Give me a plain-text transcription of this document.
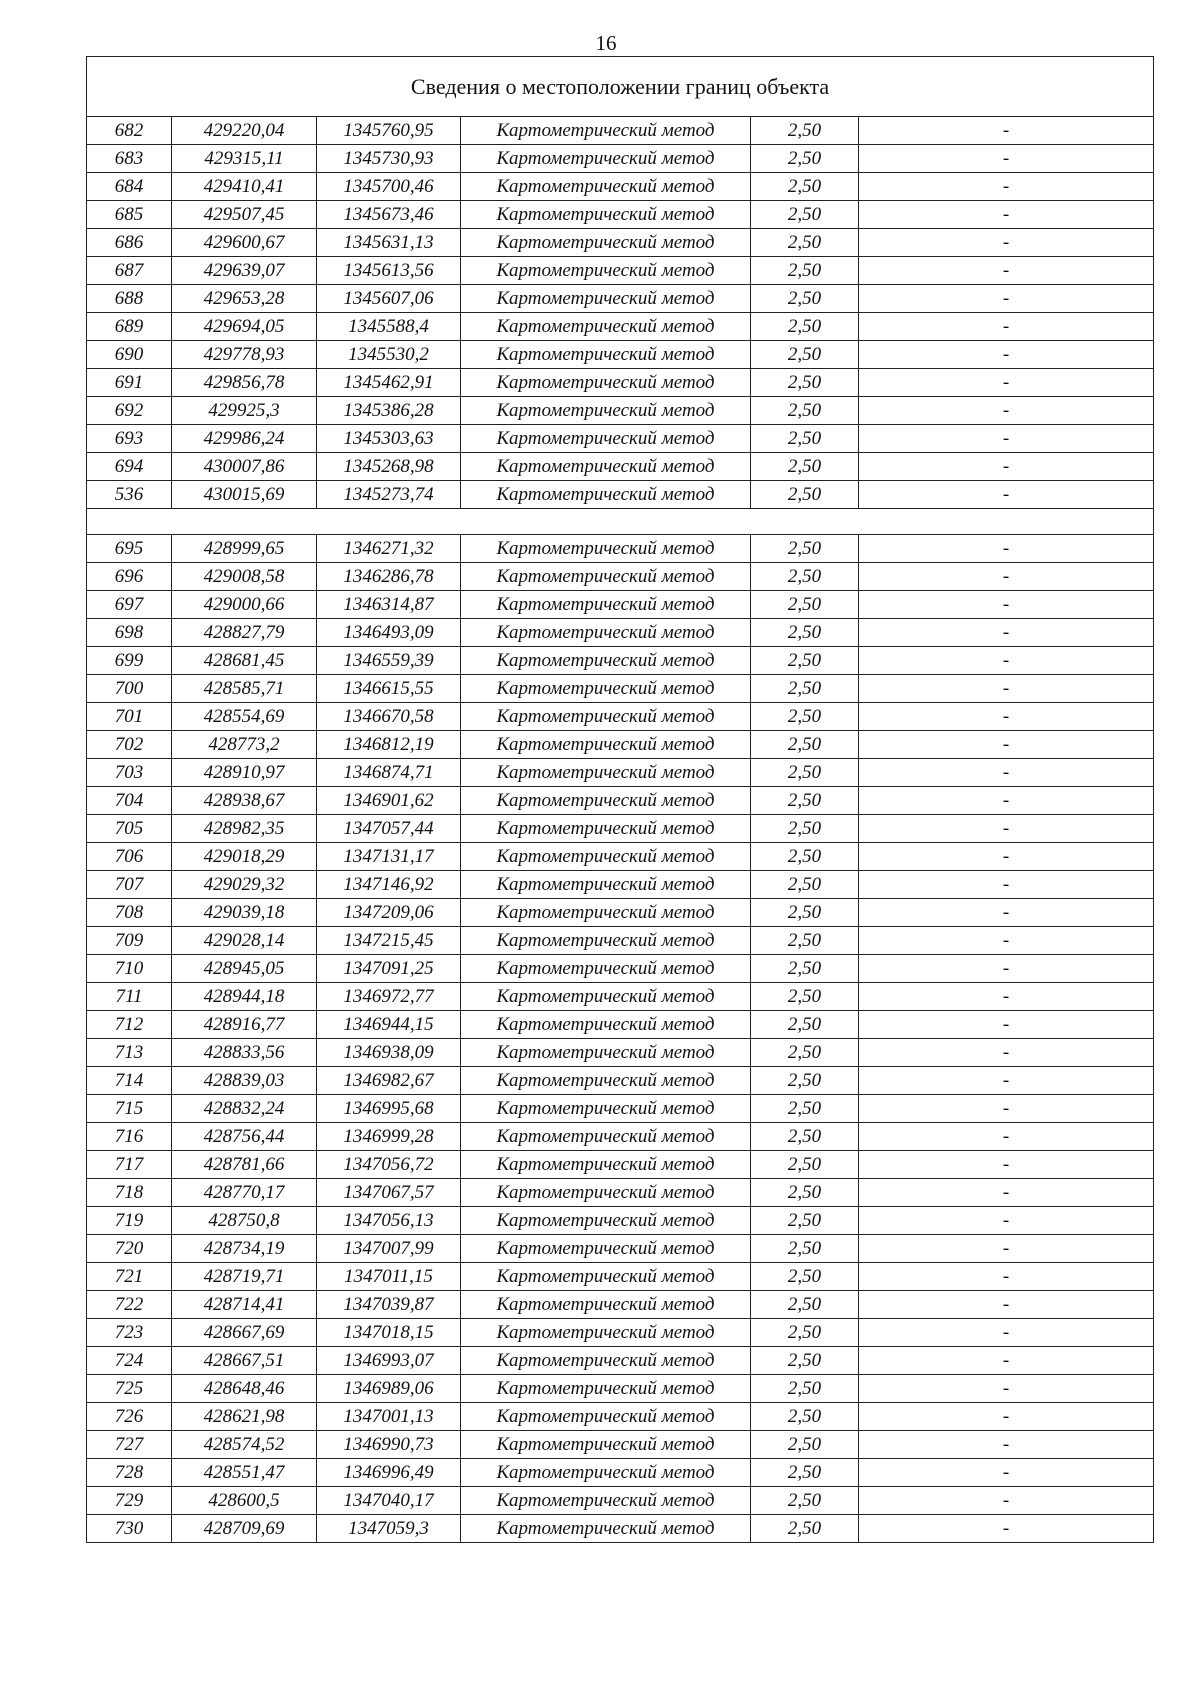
16
Сведения о местоположении границ объекта					
682	429220,04	1345760,95	Картометрический метод	2,50	-
683	429315,11	1345730,93	Картометрический метод	2,50	-
684	429410,41	1345700,46	Картометрический метод	2,50	-
685	429507,45	1345673,46	Картометрический метод	2,50	-
686	429600,67	1345631,13	Картометрический метод	2,50	-
687	429639,07	1345613,56	Картометрический метод	2,50	-
688	429653,28	1345607,06	Картометрический метод	2,50	-
689	429694,05	1345588,4	Картометрический метод	2,50	-
690	429778,93	1345530,2	Картометрический метод	2,50	-
691	429856,78	1345462,91	Картометрический метод	2,50	-
692	429925,3	1345386,28	Картометрический метод	2,50	-
693	429986,24	1345303,63	Картометрический метод	2,50	-
694	430007,86	1345268,98	Картометрический метод	2,50	-
536	430015,69	1345273,74	Картометрический метод	2,50	-

695	428999,65	1346271,32	Картометрический метод	2,50	-
696	429008,58	1346286,78	Картометрический метод	2,50	-
697	429000,66	1346314,87	Картометрический метод	2,50	-
698	428827,79	1346493,09	Картометрический метод	2,50	-
699	428681,45	1346559,39	Картометрический метод	2,50	-
700	428585,71	1346615,55	Картометрический метод	2,50	-
701	428554,69	1346670,58	Картометрический метод	2,50	-
702	428773,2	1346812,19	Картометрический метод	2,50	-
703	428910,97	1346874,71	Картометрический метод	2,50	-
704	428938,67	1346901,62	Картометрический метод	2,50	-
705	428982,35	1347057,44	Картометрический метод	2,50	-
706	429018,29	1347131,17	Картометрический метод	2,50	-
707	429029,32	1347146,92	Картометрический метод	2,50	-
708	429039,18	1347209,06	Картометрический метод	2,50	-
709	429028,14	1347215,45	Картометрический метод	2,50	-
710	428945,05	1347091,25	Картометрический метод	2,50	-
711	428944,18	1346972,77	Картометрический метод	2,50	-
712	428916,77	1346944,15	Картометрический метод	2,50	-
713	428833,56	1346938,09	Картометрический метод	2,50	-
714	428839,03	1346982,67	Картометрический метод	2,50	-
715	428832,24	1346995,68	Картометрический метод	2,50	-
716	428756,44	1346999,28	Картометрический метод	2,50	-
717	428781,66	1347056,72	Картометрический метод	2,50	-
718	428770,17	1347067,57	Картометрический метод	2,50	-
719	428750,8	1347056,13	Картометрический метод	2,50	-
720	428734,19	1347007,99	Картометрический метод	2,50	-
721	428719,71	1347011,15	Картометрический метод	2,50	-
722	428714,41	1347039,87	Картометрический метод	2,50	-
723	428667,69	1347018,15	Картометрический метод	2,50	-
724	428667,51	1346993,07	Картометрический метод	2,50	-
725	428648,46	1346989,06	Картометрический метод	2,50	-
726	428621,98	1347001,13	Картометрический метод	2,50	-
727	428574,52	1346990,73	Картометрический метод	2,50	-
728	428551,47	1346996,49	Картометрический метод	2,50	-
729	428600,5	1347040,17	Картометрический метод	2,50	-
730	428709,69	1347059,3	Картометрический метод	2,50	-
